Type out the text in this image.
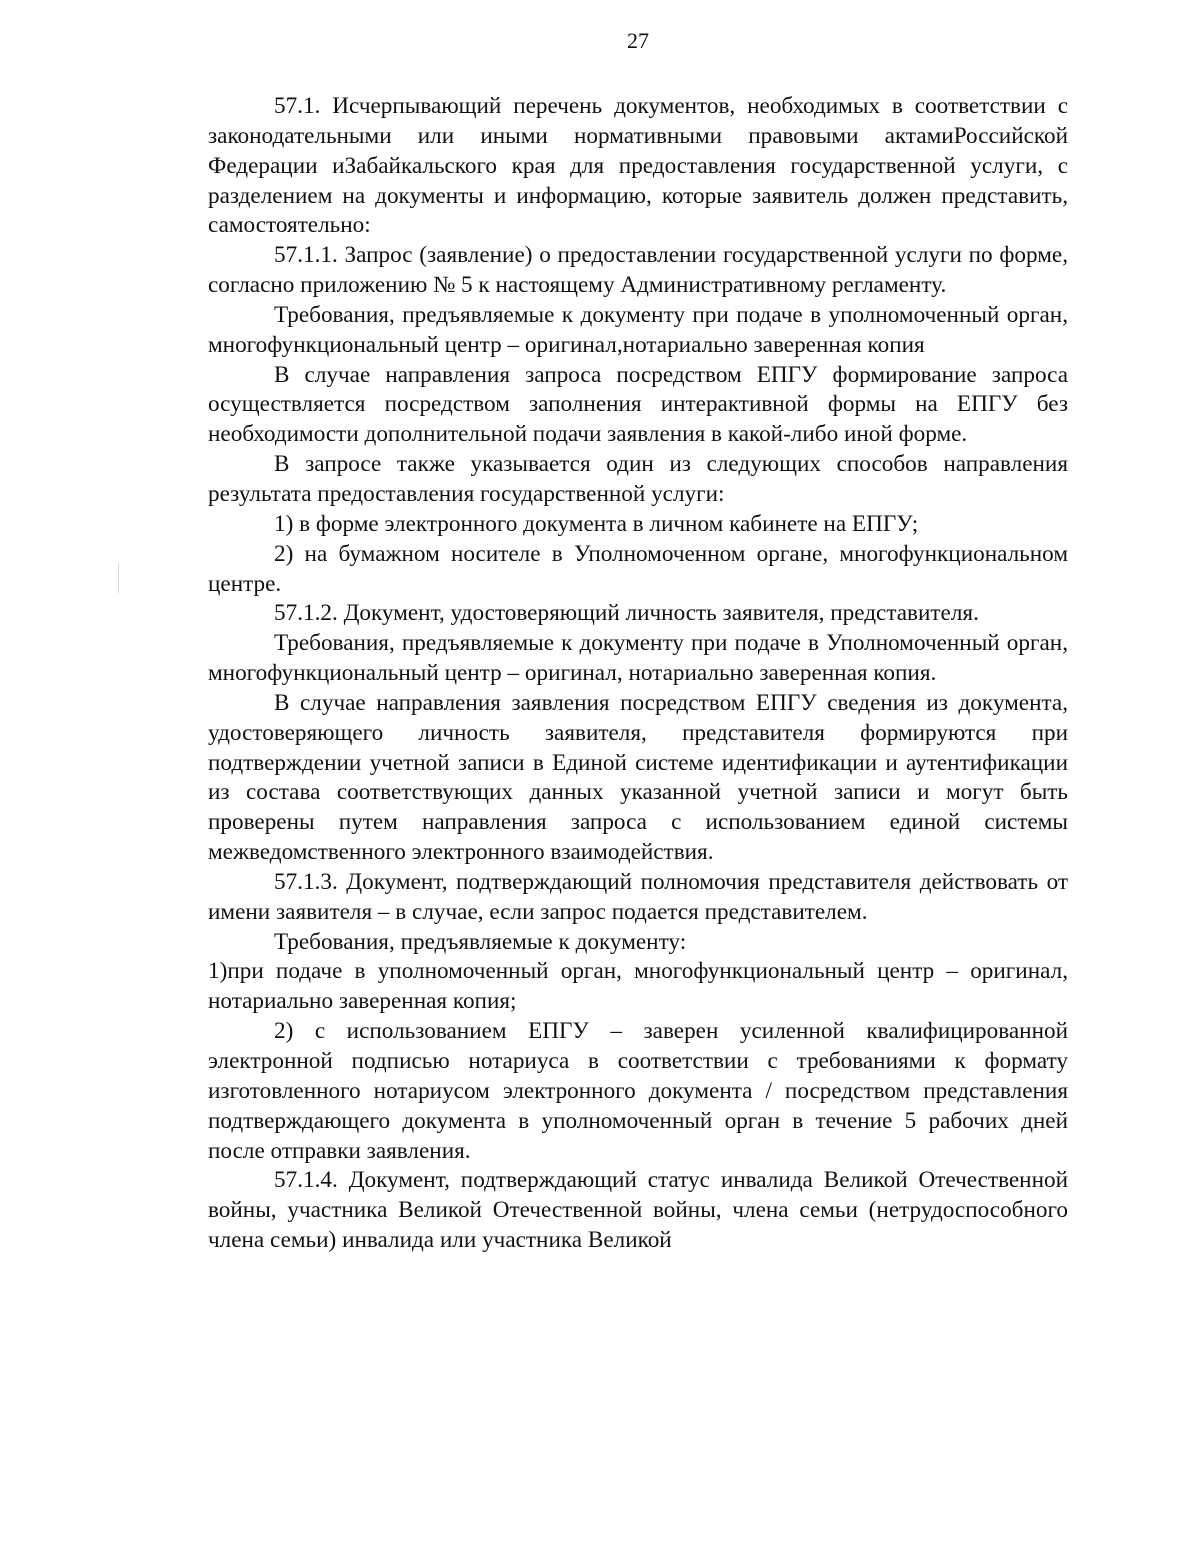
27

57.1. Исчерпывающий перечень документов, необходимых в соответствии с законодательными или иными нормативными правовыми актамиРоссийской Федерации иЗабайкальского края для предоставления государственной услуги, с разделением на документы и информацию, которые заявитель должен представить, самостоятельно:

57.1.1. Запрос (заявление) о предоставлении государственной услуги по форме, согласно приложению № 5 к настоящему Административному регламенту.

Требования, предъявляемые к документу при подаче в уполномоченный орган, многофункциональный центр – оригинал,нотариально заверенная копия

В случае направления запроса посредством ЕПГУ формирование запроса осуществляется посредством заполнения интерактивной формы на ЕПГУ без необходимости дополнительной подачи заявления в какой-либо иной форме.

В запросе также указывается один из следующих способов направления результата предоставления государственной услуги:

1) в форме электронного документа в личном кабинете на ЕПГУ;

2) на бумажном носителе в Уполномоченном органе, многофункциональном центре.

57.1.2. Документ, удостоверяющий личность заявителя, представителя.

Требования, предъявляемые к документу при подаче в Уполномоченный орган, многофункциональный центр – оригинал, нотариально заверенная копия.

В случае направления заявления посредством ЕПГУ сведения из документа, удостоверяющего личность заявителя, представителя формируются при подтверждении учетной записи в Единой системе идентификации и аутентификации из состава соответствующих данных указанной учетной записи и могут быть проверены путем направления запроса с использованием единой системы межведомственного электронного взаимодействия.

57.1.3. Документ, подтверждающий полномочия представителя действовать от имени заявителя – в случае, если запрос подается представителем.

Требования, предъявляемые к документу:

1)при подаче в уполномоченный орган, многофункциональный центр – оригинал, нотариально заверенная копия;

2) с использованием ЕПГУ – заверен усиленной квалифицированной электронной подписью нотариуса в соответствии с требованиями к формату изготовленного нотариусом электронного документа / посредством представления подтверждающего документа в уполномоченный орган в течение 5 рабочих дней после отправки заявления.

57.1.4. Документ, подтверждающий статус инвалида Великой Отечественной войны, участника Великой Отечественной войны, члена семьи (нетрудоспособного члена семьи) инвалида или участника Великой
